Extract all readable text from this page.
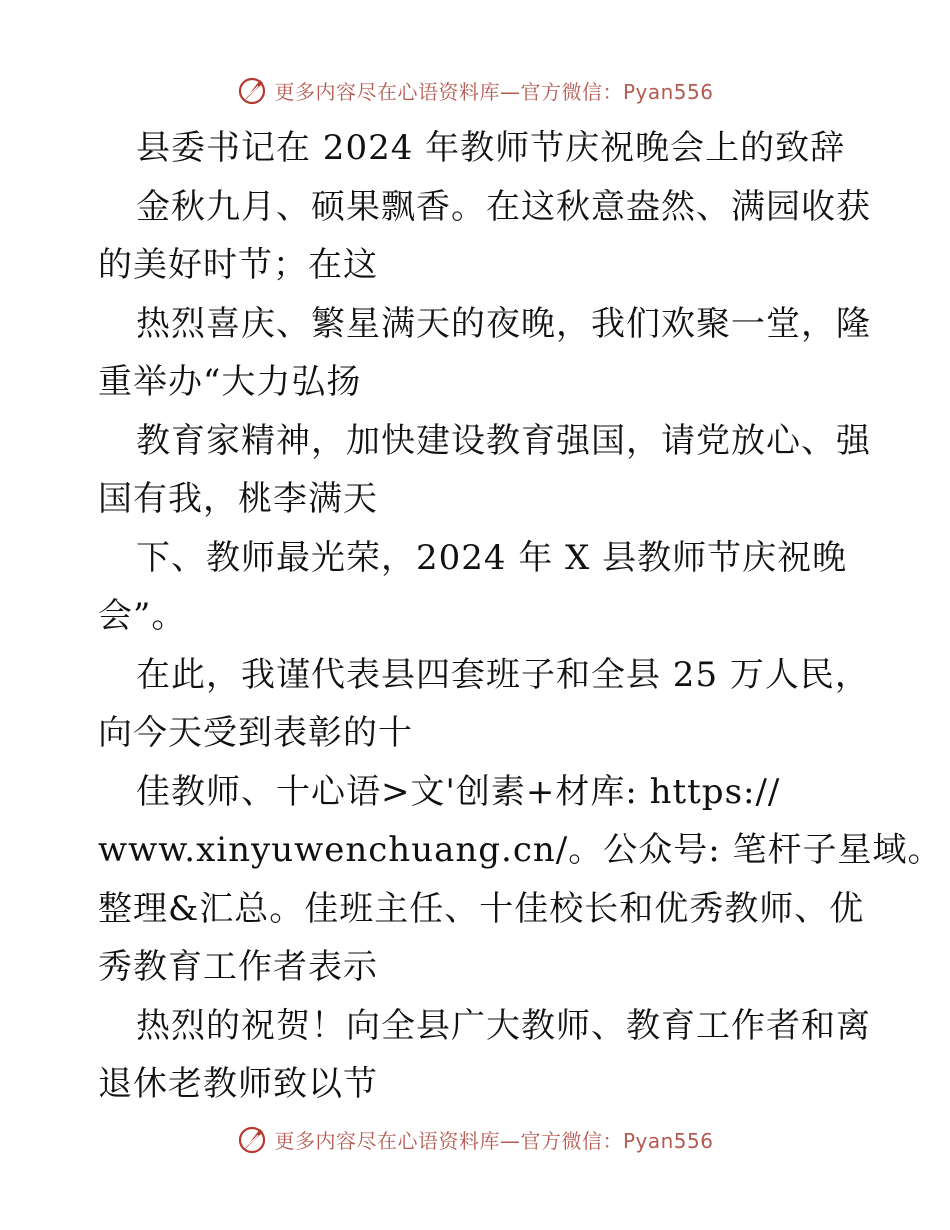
更多内容尽在心语资料库—官方微信：Pyan556
县委书记在 2024 年教师节庆祝晚会上的致辞
金秋九月、硕果飘香。在这秋意盎然、满园收获
的美好时节；在这
热烈喜庆、繁星满天的夜晚，我们欢聚一堂，隆
重举办“大力弘扬
教育家精神，加快建设教育强国，请党放心、强
国有我，桃李满天
下、教师最光荣，2024 年 X 县教师节庆祝晚
会”。
在此，我谨代表县四套班子和全县 25 万人民，
向今天受到表彰的十
佳教师、十心语>文'创素+材库: https://
www.xinyuwenchuang.cn/。公众号: 笔杆子星域。
整理&汇总。佳班主任、十佳校长和优秀教师、优
秀教育工作者表示
热烈的祝贺！向全县广大教师、教育工作者和离
退休老教师致以节
更多内容尽在心语资料库—官方微信：Pyan556
